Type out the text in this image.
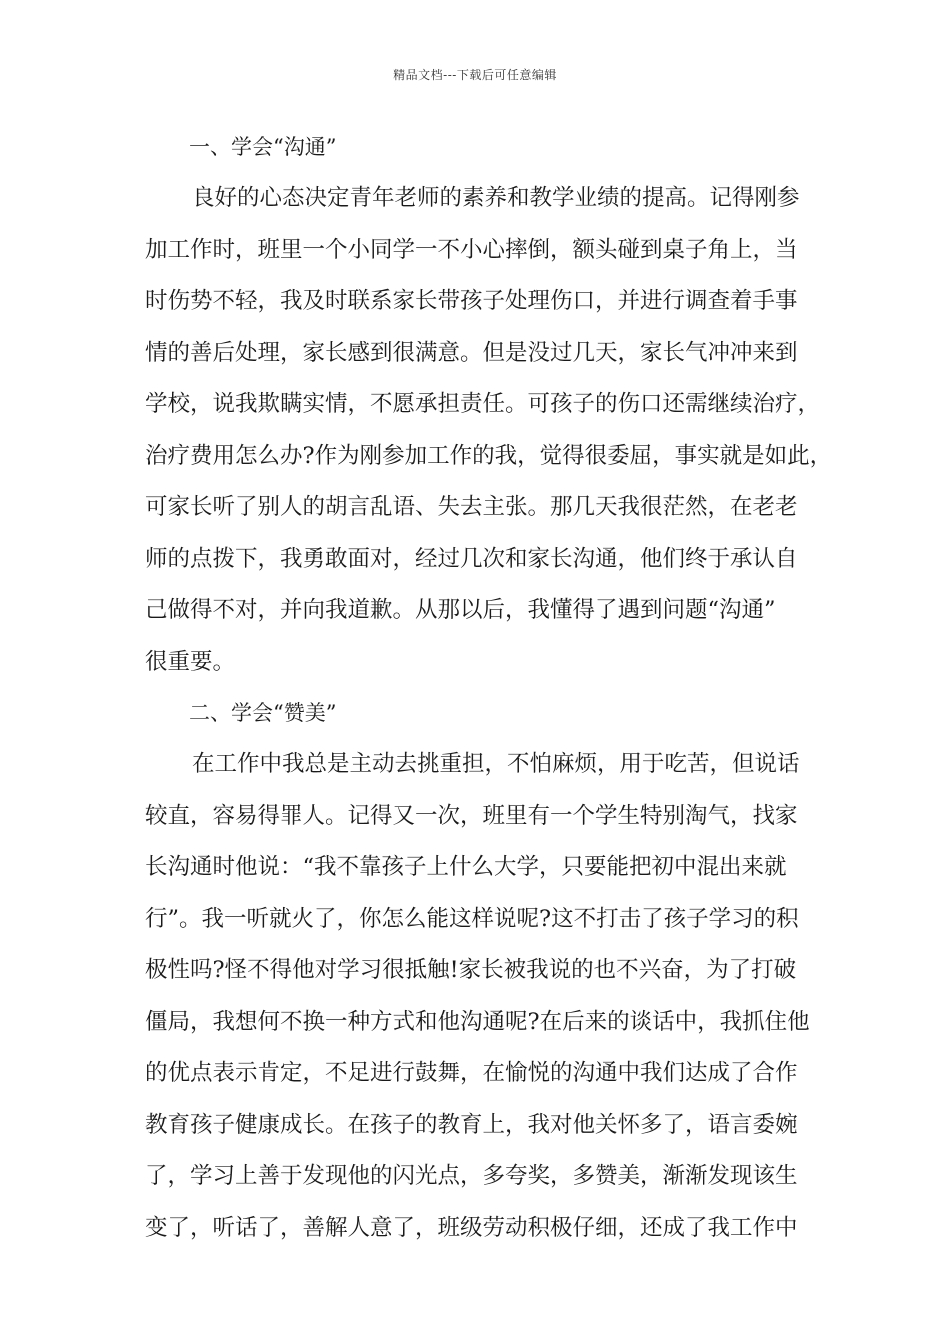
精品文档---下载后可任意编辑

一、学会“沟通”

良好的心态决定青年老师的素养和教学业绩的提高。记得刚参

加工作时，班里一个小同学一不小心摔倒，额头碰到桌子角上，当

时伤势不轻，我及时联系家长带孩子处理伤口，并进行调查着手事

情的善后处理，家长感到很满意。但是没过几天，家长气冲冲来到

学校，说我欺瞒实情，不愿承担责任。可孩子的伤口还需继续治疗，

治疗费用怎么办?作为刚参加工作的我，觉得很委屈，事实就是如此，

可家长听了别人的胡言乱语、失去主张。那几天我很茫然，在老老

师的点拨下，我勇敢面对，经过几次和家长沟通，他们终于承认自

己做得不对，并向我道歉。从那以后，我懂得了遇到问题“沟通”

很重要。

二、学会“赞美”

在工作中我总是主动去挑重担，不怕麻烦，用于吃苦，但说话

较直，容易得罪人。记得又一次，班里有一个学生特别淘气，找家

长沟通时他说：“我不靠孩子上什么大学，只要能把初中混出来就

行”。我一听就火了，你怎么能这样说呢?这不打击了孩子学习的积

极性吗?怪不得他对学习很抵触!家长被我说的也不兴奋，为了打破

僵局，我想何不换一种方式和他沟通呢?在后来的谈话中，我抓住他

的优点表示肯定，不足进行鼓舞，在愉悦的沟通中我们达成了合作

教育孩子健康成长。在孩子的教育上，我对他关怀多了，语言委婉

了，学习上善于发现他的闪光点，多夸奖，多赞美，渐渐发现该生

变了，听话了，善解人意了，班级劳动积极仔细，还成了我工作中
